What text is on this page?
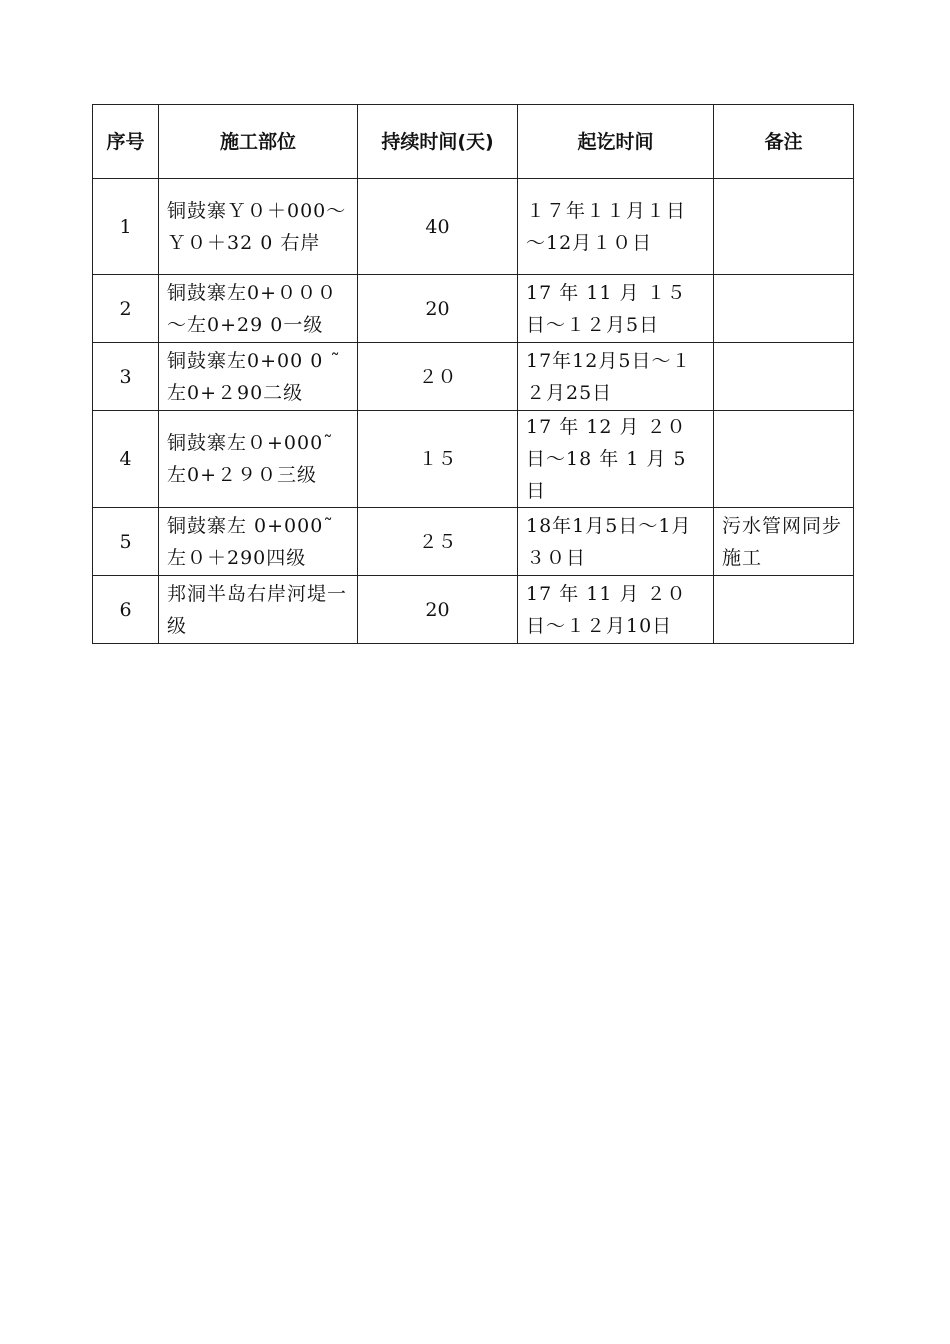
序号	施工部位	持续时间(天)	起讫时间	备注
1	铜鼓寨Ｙ０＋000～Ｙ０＋32 0 右岸	40	１７年１１月１日～12月１０日	
2	铜鼓寨左0+０００～左0+29 0一级	20	17 年 11 月 １５日～１２月5日	
3	铜鼓寨左0+00 0 ˜左0+２90二级	２０	17年12月5日～１２月25日	
4	铜鼓寨左０+000˜左0+２９０三级	１５	17 年 12 月 ２０日～18 年 1 月 5 日	
5	铜鼓寨左 0+000˜左０＋290四级	２５	18年1月5日～1月３０日	污水管网同步施工
6	邦洞半岛右岸河堤一级	20	17 年 11 月 ２０日～１２月10日	
